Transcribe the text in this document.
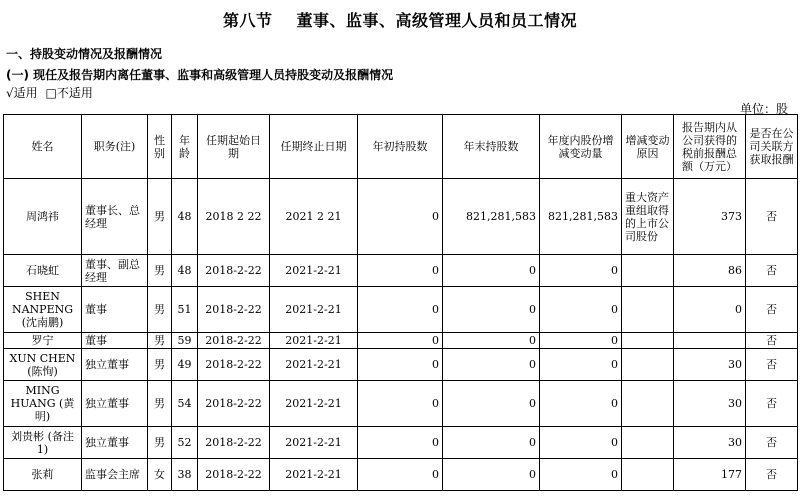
第八节 董事、监事、高级管理人员和员工情况
一、持股变动情况及报酬情况
(一) 现任及报告期内离任董事、监事和高级管理人员持股变动及报酬情况
√适用 □不适用
单位：股
姓名	职务(注)	性别	年龄	任期起始日期	任期终止日期	年初持股数	年末持股数	年度内股份增减变动量	增减变动原因	报告期内从公司获得的税前报酬总额（万元）	是否在公司关联方获取报酬
周鸿祎	董事长、总经理	男	48	2018 2 22	2021 2 21	0	821,281,583	821,281,583	重大资产重组取得的上市公司股份	373	否
石晓虹	董事、副总经理	男	48	2018-2-22	2021-2-21	0	0	0		86	否
SHEN NANPENG (沈南鹏)	董事	男	51	2018-2-22	2021-2-21	0	0	0		0	否
罗宁	董事	男	59	2018-2-22	2021-2-21	0	0	0			否
XUN CHEN (陈恂)	独立董事	男	49	2018-2-22	2021-2-21	0	0	0		30	否
MING HUANG (黄明)	独立董事	男	54	2018-2-22	2021-2-21	0	0	0		30	否
刘贵彬 (备注 1)	独立董事	男	52	2018-2-22	2021-2-21	0	0	0		30	否
张莉	监事会主席	女	38	2018-2-22	2021-2-21	0	0	0		177	否
